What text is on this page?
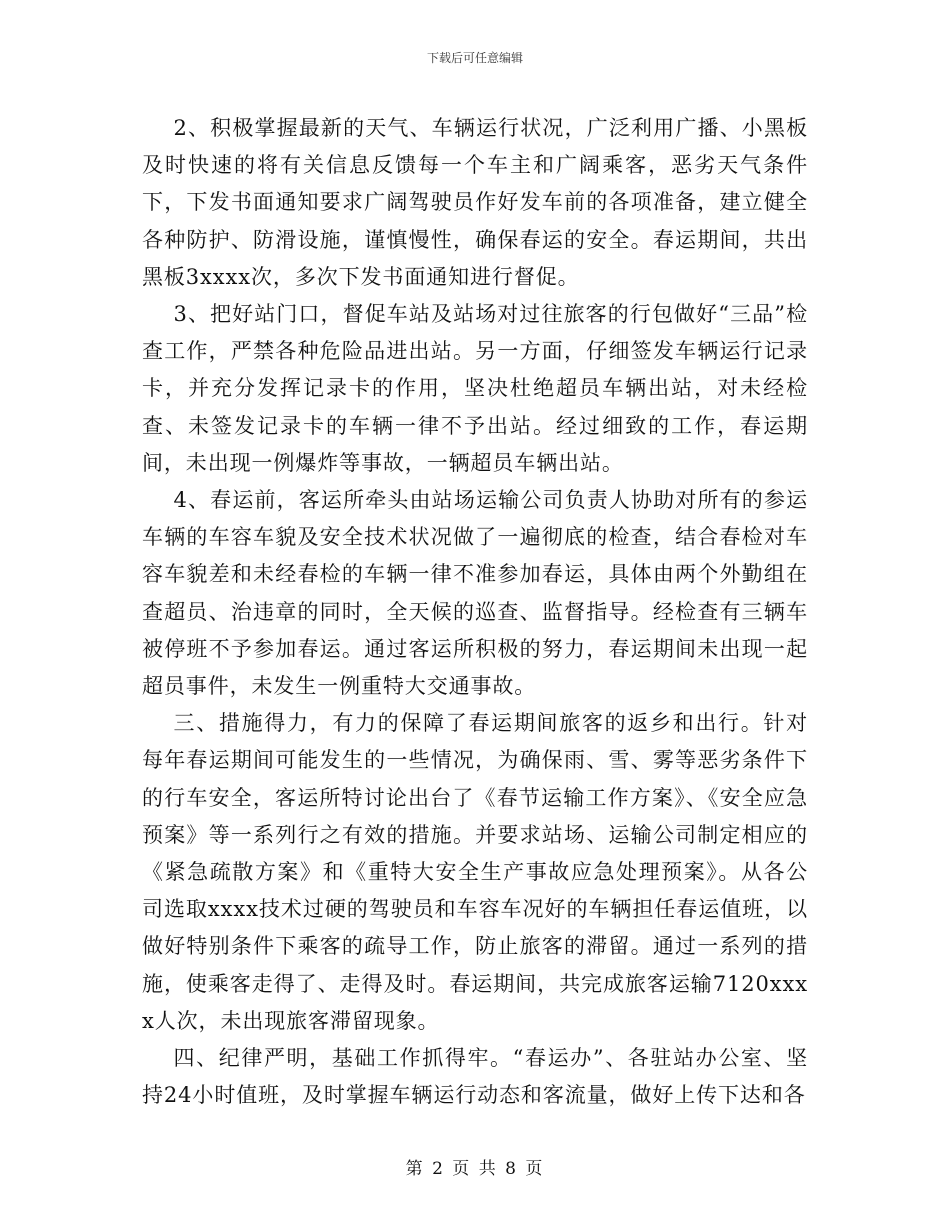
下载后可任意编辑

2、积极掌握最新的天气、车辆运行状况，广泛利用广播、小黑板及时快速的将有关信息反馈每一个车主和广阔乘客，恶劣天气条件下，下发书面通知要求广阔驾驶员作好发车前的各项准备，建立健全各种防护、防滑设施，谨慎慢性，确保春运的安全。春运期间，共出黑板3xxxx次，多次下发书面通知进行督促。

3、把好站门口，督促车站及站场对过往旅客的行包做好“三品”检查工作，严禁各种危险品进出站。另一方面，仔细签发车辆运行记录卡，并充分发挥记录卡的作用，坚决杜绝超员车辆出站，对未经检查、未签发记录卡的车辆一律不予出站。经过细致的工作，春运期间，未出现一例爆炸等事故，一辆超员车辆出站。

4、春运前，客运所牵头由站场运输公司负责人协助对所有的参运车辆的车容车貌及安全技术状况做了一遍彻底的检查，结合春检对车容车貌差和未经春检的车辆一律不准参加春运，具体由两个外勤组在查超员、治违章的同时，全天候的巡查、监督指导。经检查有三辆车被停班不予参加春运。通过客运所积极的努力，春运期间未出现一起超员事件，未发生一例重特大交通事故。

三、措施得力，有力的保障了春运期间旅客的返乡和出行。针对每年春运期间可能发生的一些情况，为确保雨、雪、雾等恶劣条件下的行车安全，客运所特讨论出台了《春节运输工作方案》、《安全应急预案》等一系列行之有效的措施。并要求站场、运输公司制定相应的《紧急疏散方案》和《重特大安全生产事故应急处理预案》。从各公司选取xxxx技术过硬的驾驶员和车容车况好的车辆担任春运值班，以做好特别条件下乘客的疏导工作，防止旅客的滞留。通过一系列的措施，使乘客走得了、走得及时。春运期间，共完成旅客运输7120xxxx人次，未出现旅客滞留现象。

四、纪律严明，基础工作抓得牢。“春运办”、各驻站办公室、坚持24小时值班，及时掌握车辆运行动态和客流量，做好上传下达和各

第 2 页 共 8 页
